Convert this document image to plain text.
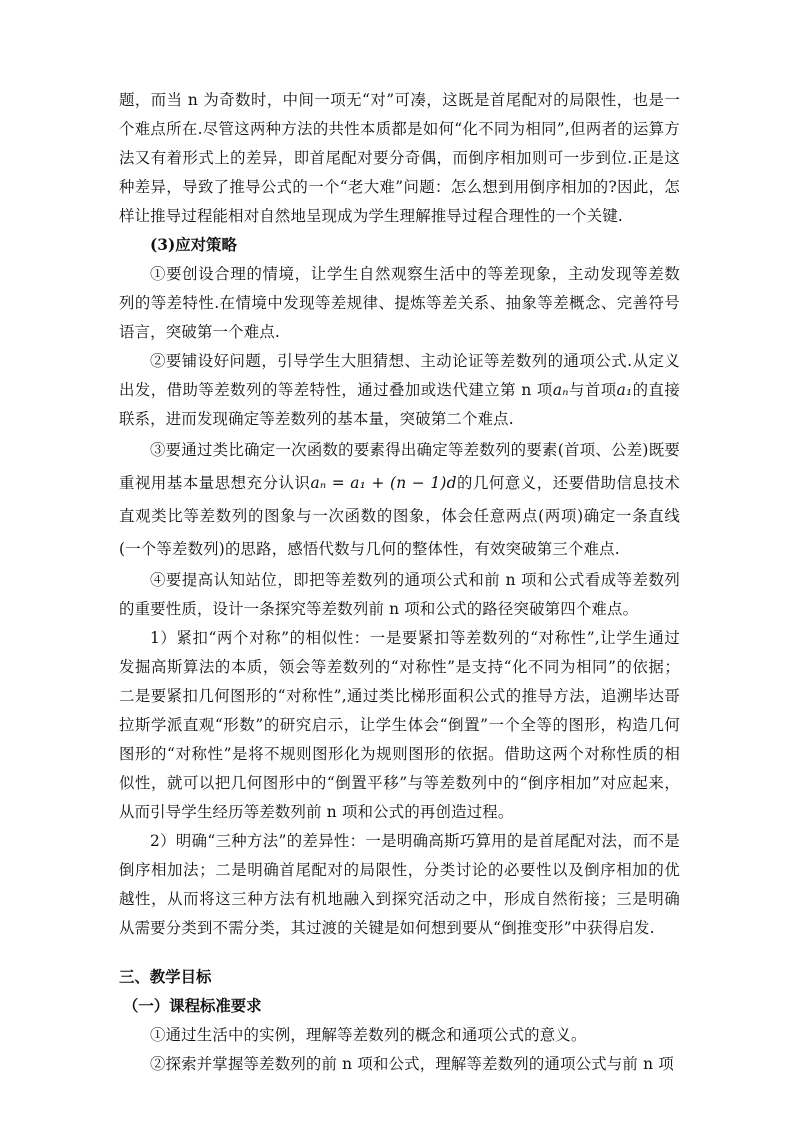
题，而当 n 为奇数时，中间一项无“对”可凑，这既是首尾配对的局限性，也是一个难点所在.尽管这两种方法的共性本质都是如何“化不同为相同”,但两者的运算方法又有着形式上的差异，即首尾配对要分奇偶，而倒序相加则可一步到位.正是这种差异，导致了推导公式的一个“老大难”问题：怎么想到用倒序相加的?因此，怎样让推导过程能相对自然地呈现成为学生理解推导过程合理性的一个关键.

(3)应对策略

①要创设合理的情境，让学生自然观察生活中的等差现象，主动发现等差数列的等差特性.在情境中发现等差规律、提炼等差关系、抽象等差概念、完善符号语言，突破第一个难点.

②要铺设好问题，引导学生大胆猜想、主动论证等差数列的通项公式.从定义出发，借助等差数列的等差特性，通过叠加或迭代建立第 n 项aₙ与首项a₁的直接联系，进而发现确定等差数列的基本量，突破第二个难点.

③要通过类比确定一次函数的要素得出确定等差数列的要素(首项、公差)既要重视用基本量思想充分认识aₙ = a₁ + (n − 1)d的几何意义，还要借助信息技术直观类比等差数列的图象与一次函数的图象，体会任意两点(两项)确定一条直线(一个等差数列)的思路，感悟代数与几何的整体性，有效突破第三个难点.

④要提高认知站位，即把等差数列的通项公式和前 n 项和公式看成等差数列的重要性质，设计一条探究等差数列前 n 项和公式的路径突破第四个难点。

1）紧扣“两个对称”的相似性：一是要紧扣等差数列的“对称性”,让学生通过发掘高斯算法的本质，领会等差数列的“对称性”是支持“化不同为相同”的依据；二是要紧扣几何图形的“对称性”,通过类比梯形面积公式的推导方法，追溯毕达哥拉斯学派直观“形数”的研究启示，让学生体会“倒置”一个全等的图形，构造几何图形的“对称性”是将不规则图形化为规则图形的依据。借助这两个对称性质的相似性，就可以把几何图形中的“倒置平移”与等差数列中的“倒序相加”对应起来，从而引导学生经历等差数列前 n 项和公式的再创造过程。

2）明确“三种方法”的差异性：一是明确高斯巧算用的是首尾配对法，而不是倒序相加法；二是明确首尾配对的局限性，分类讨论的必要性以及倒序相加的优越性，从而将这三种方法有机地融入到探究活动之中，形成自然衔接；三是明确从需要分类到不需分类，其过渡的关键是如何想到要从“倒推变形”中获得启发.

三、教学目标
（一）课程标准要求

①通过生活中的实例，理解等差数列的概念和通项公式的意义。

②探索并掌握等差数列的前 n 项和公式，理解等差数列的通项公式与前 n 项
